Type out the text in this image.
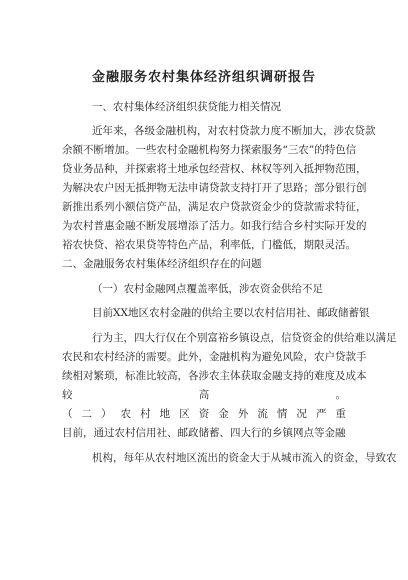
金融服务农村集体经济组织调研报告
一、农村集体经济组织获贷能力相关情况
近年来，各级金融机构，对农村贷款力度不断加大，涉农贷款
余额不断增加。一些农村金融机构努力探索服务“三农”的特色信
贷业务品种，并探索将土地承包经营权、林权等列入抵押物范围，
为解决农户因无抵押物无法申请贷款支持打开了思路；部分银行创
新推出系列小额信贷产品，满足农户贷款资金少的贷款需求特征，
为农村普惠金融不断发展增添了活力。如我行结合乡村实际开发的
裕农快贷、裕农果贷等特色产品，利率低，门槛低，期限灵活。
二、金融服务农村集体经济组织存在的问题
（一）农村金融网点覆盖率低，涉农资金供给不足
目前XX地区农村金融的供给主要以农村信用社、邮政储蓄银
行为主，四大行仅在个别富裕乡镇设点，信贷资金的供给难以满足
农民和农村经济的需要。此外，金融机构为避免风险，农户贷款手
续相对繁琐，标准比较高，各涉农主体获取金融支持的难度及成本
较高。
（二）农村地区资金外流情况严重
目前，通过农村信用社、邮政储蓄、四大行的乡镇网点等金融
机构，每年从农村地区流出的资金大于从城市流入的资金，导致农
